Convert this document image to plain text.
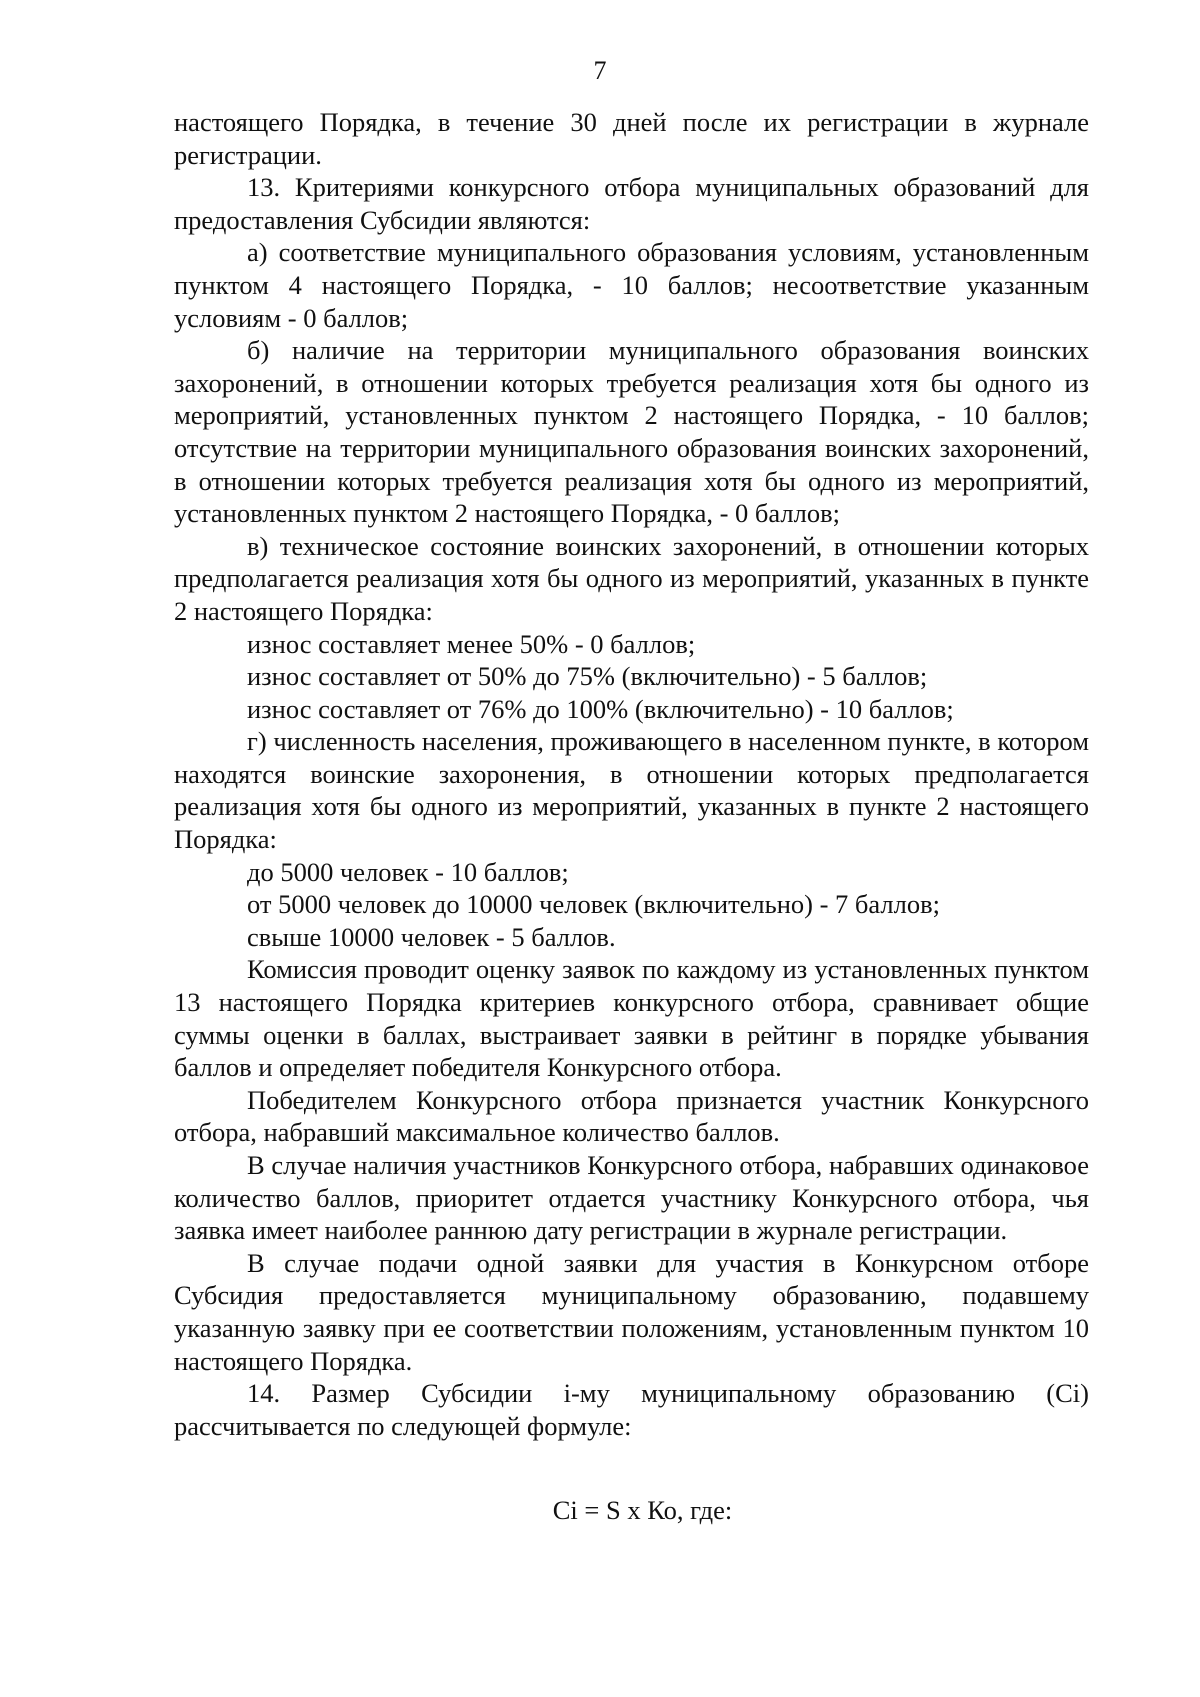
7

настоящего Порядка, в течение 30 дней после их регистрации в журнале регистрации.

13. Критериями конкурсного отбора муниципальных образований для предоставления Субсидии являются:

а) соответствие муниципального образования условиям, установленным пунктом 4 настоящего Порядка, - 10 баллов; несоответствие указанным условиям - 0 баллов;

б) наличие на территории муниципального образования воинских захоронений, в отношении которых требуется реализация хотя бы одного из мероприятий, установленных пунктом 2 настоящего Порядка, - 10 баллов; отсутствие на территории муниципального образования воинских захоронений, в отношении которых требуется реализация хотя бы одного из мероприятий, установленных пунктом 2 настоящего Порядка, - 0 баллов;

в) техническое состояние воинских захоронений, в отношении которых предполагается реализация хотя бы одного из мероприятий, указанных в пункте 2 настоящего Порядка:

износ составляет менее 50% - 0 баллов;

износ составляет от 50% до 75% (включительно) - 5 баллов;

износ составляет от 76% до 100% (включительно) - 10 баллов;

г) численность населения, проживающего в населенном пункте, в котором находятся воинские захоронения, в отношении которых предполагается реализация хотя бы одного из мероприятий, указанных в пункте 2 настоящего Порядка:

до 5000 человек - 10 баллов;

от 5000 человек до 10000 человек (включительно) - 7 баллов;

свыше 10000 человек - 5 баллов.

Комиссия проводит оценку заявок по каждому из установленных пунктом 13 настоящего Порядка критериев конкурсного отбора, сравнивает общие суммы оценки в баллах, выстраивает заявки в рейтинг в порядке убывания баллов и определяет победителя Конкурсного отбора.

Победителем Конкурсного отбора признается участник Конкурсного отбора, набравший максимальное количество баллов.

В случае наличия участников Конкурсного отбора, набравших одинаковое количество баллов, приоритет отдается участнику Конкурсного отбора, чья заявка имеет наиболее раннюю дату регистрации в журнале регистрации.

В случае подачи одной заявки для участия в Конкурсном отборе Субсидия предоставляется муниципальному образованию, подавшему указанную заявку при ее соответствии положениям, установленным пунктом 10 настоящего Порядка.

14. Размер Субсидии i-му муниципальному образованию (Ci) рассчитывается по следующей формуле:

Ci = S x Ко, где:
